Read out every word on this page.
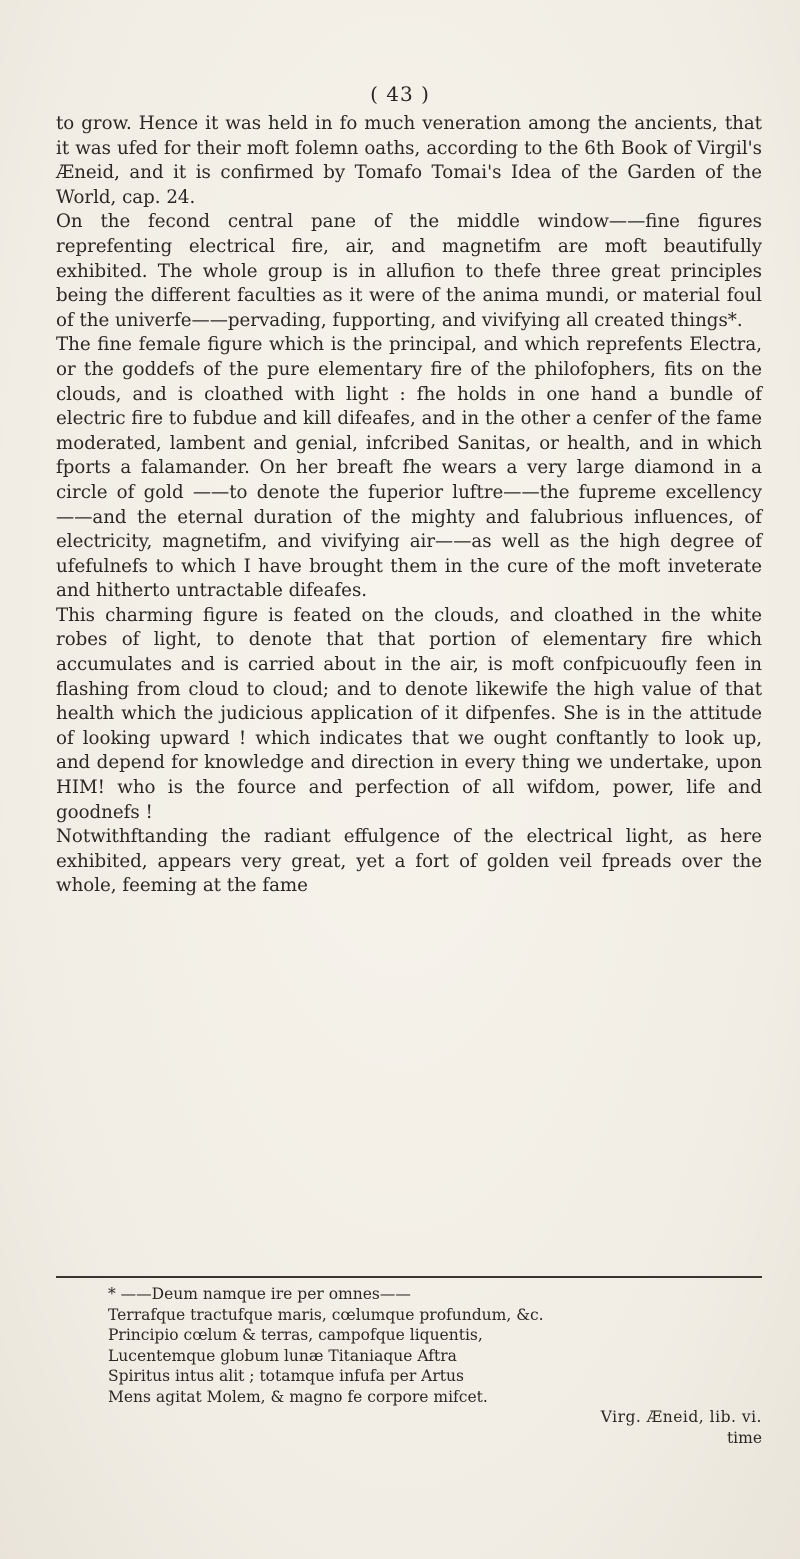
( 43 )

to grow. Hence it was held in fo much veneration among the ancients, that it was ufed for their moft folemn oaths, according to the 6th Book of Virgil's Æneid, and it is confirmed by Tomafo Tomai's Idea of the Garden of the World, cap. 24.

On the fecond central pane of the middle window——fine figures reprefenting electrical fire, air, and magnetifm are moft beautifully exhibited. The whole group is in allufion to thefe three great principles being the different faculties as it were of the anima mundi, or material foul of the univerfe——pervading, fupporting, and vivifying all created things*.

The fine female figure which is the principal, and which reprefents Electra, or the goddefs of the pure elementary fire of the philofophers, fits on the clouds, and is cloathed with light : fhe holds in one hand a bundle of electric fire to fubdue and kill difeafes, and in the other a cenfer of the fame moderated, lambent and genial, infcribed Sanitas, or health, and in which fports a falamander. On her breaft fhe wears a very large diamond in a circle of gold ——to denote the fuperior luftre——the fupreme excellency——and the eternal duration of the mighty and falubrious influences, of electricity, magnetifm, and vivifying air——as well as the high degree of ufefulnefs to which I have brought them in the cure of the moft inveterate and hitherto untractable difeafes.

This charming figure is feated on the clouds, and cloathed in the white robes of light, to denote that that portion of elementary fire which accumulates and is carried about in the air, is moft confpicuoufly feen in flashing from cloud to cloud; and to denote likewife the high value of that health which the judicious application of it difpenfes. She is in the attitude of looking upward ! which indicates that we ought conftantly to look up, and depend for knowledge and direction in every thing we undertake, upon HIM! who is the fource and perfection of all wifdom, power, life and goodnefs !

Notwithftanding the radiant effulgence of the electrical light, as here exhibited, appears very great, yet a fort of golden veil fpreads over the whole, feeming at the fame

* ——Deum namque ire per omnes——
Terrafque tractufque maris, cœlumque profundum, &c.
Principio cœlum & terras, campofque liquentis,
Lucentemque globum lunæ Titaniaque Aftra
Spiritus intus alit ; totamque infufa per Artus
Mens agitat Molem, & magno fe corpore mifcet.
Virg. Æneid, lib. vi.
time
